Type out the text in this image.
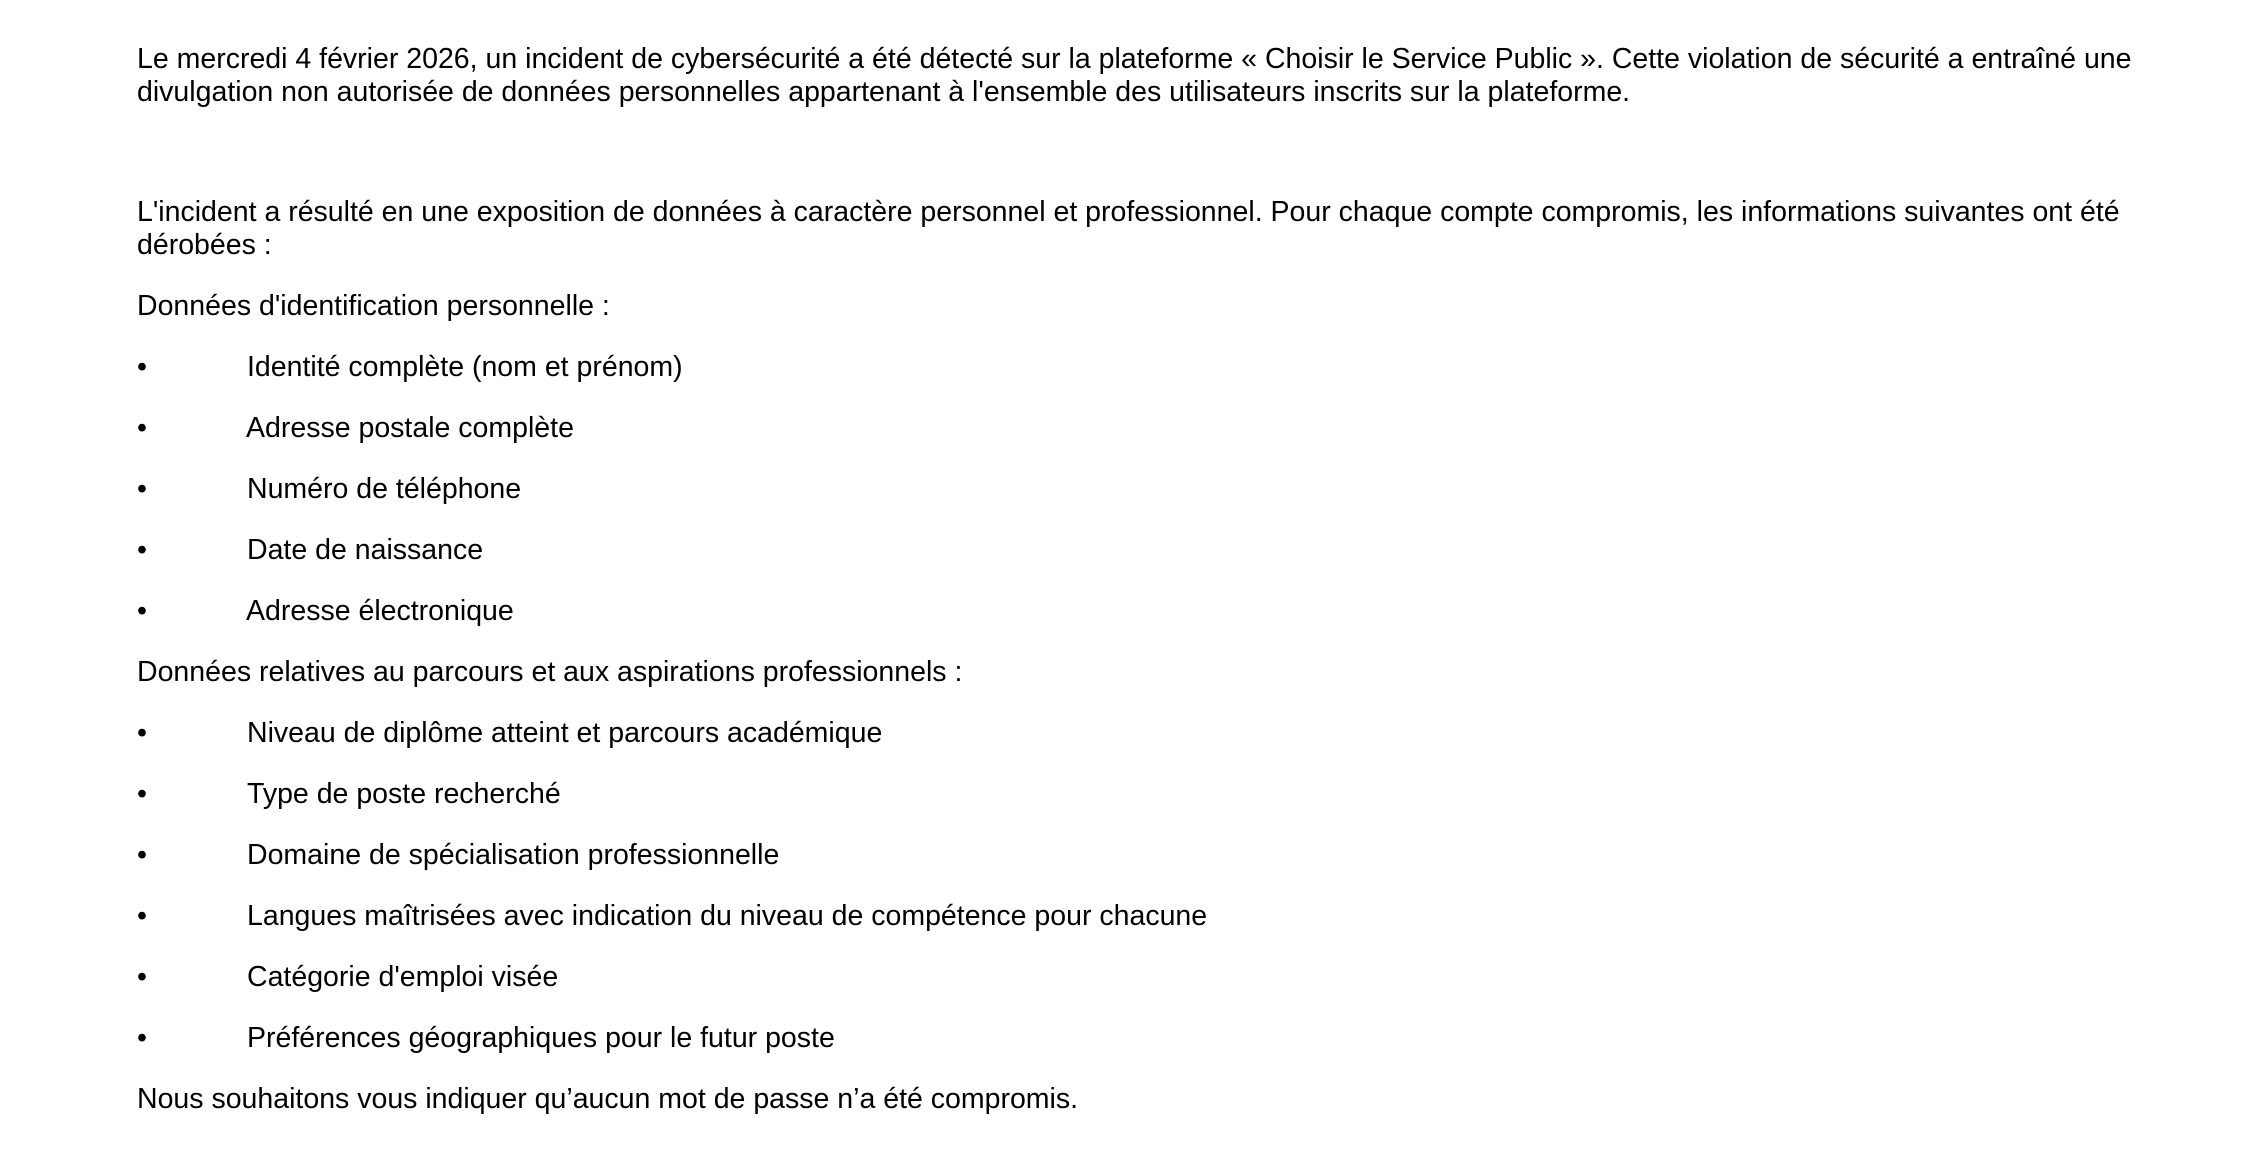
Le mercredi 4 février 2026, un incident de cybersécurité a été détecté sur la plateforme « Choisir le Service Public ». Cette violation de sécurité a entraîné une
divulgation non autorisée de données personnelles appartenant à l'ensemble des utilisateurs inscrits sur la plateforme.
L'incident a résulté en une exposition de données à caractère personnel et professionnel. Pour chaque compte compromis, les informations suivantes ont été
dérobées :
Données d'identification personnelle :
•	Identité complète (nom et prénom)
•	Adresse postale complète
•	Numéro de téléphone
•	Date de naissance
•	Adresse électronique
Données relatives au parcours et aux aspirations professionnels :
•	Niveau de diplôme atteint et parcours académique
•	Type de poste recherché
•	Domaine de spécialisation professionnelle
•	Langues maîtrisées avec indication du niveau de compétence pour chacune
•	Catégorie d'emploi visée
•	Préférences géographiques pour le futur poste
Nous souhaitons vous indiquer qu’aucun mot de passe n’a été compromis.
